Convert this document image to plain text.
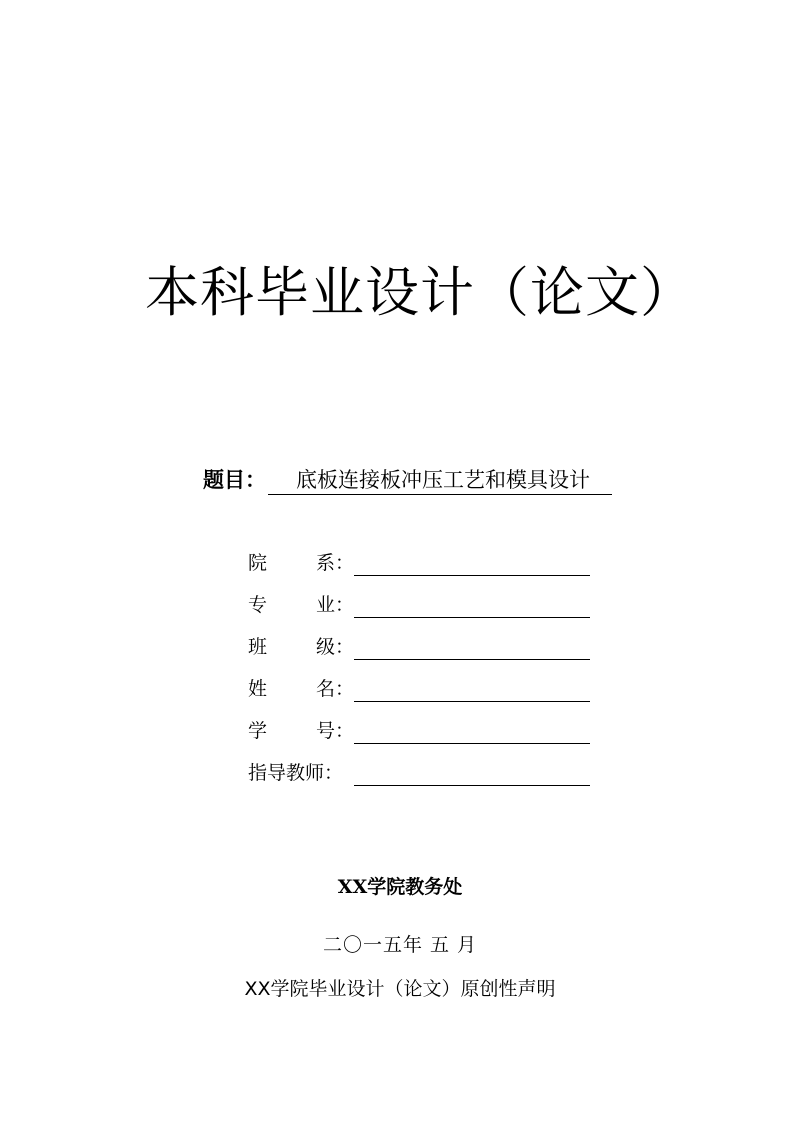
本科毕业设计（论文）
题目： 底板连接板冲压工艺和模具设计
院	系：
专	业：
班	级：
姓	名：
学	号：
指导教师：
XX学院教务处
二〇一五年 五 月
XX学院毕业设计（论文）原创性声明
